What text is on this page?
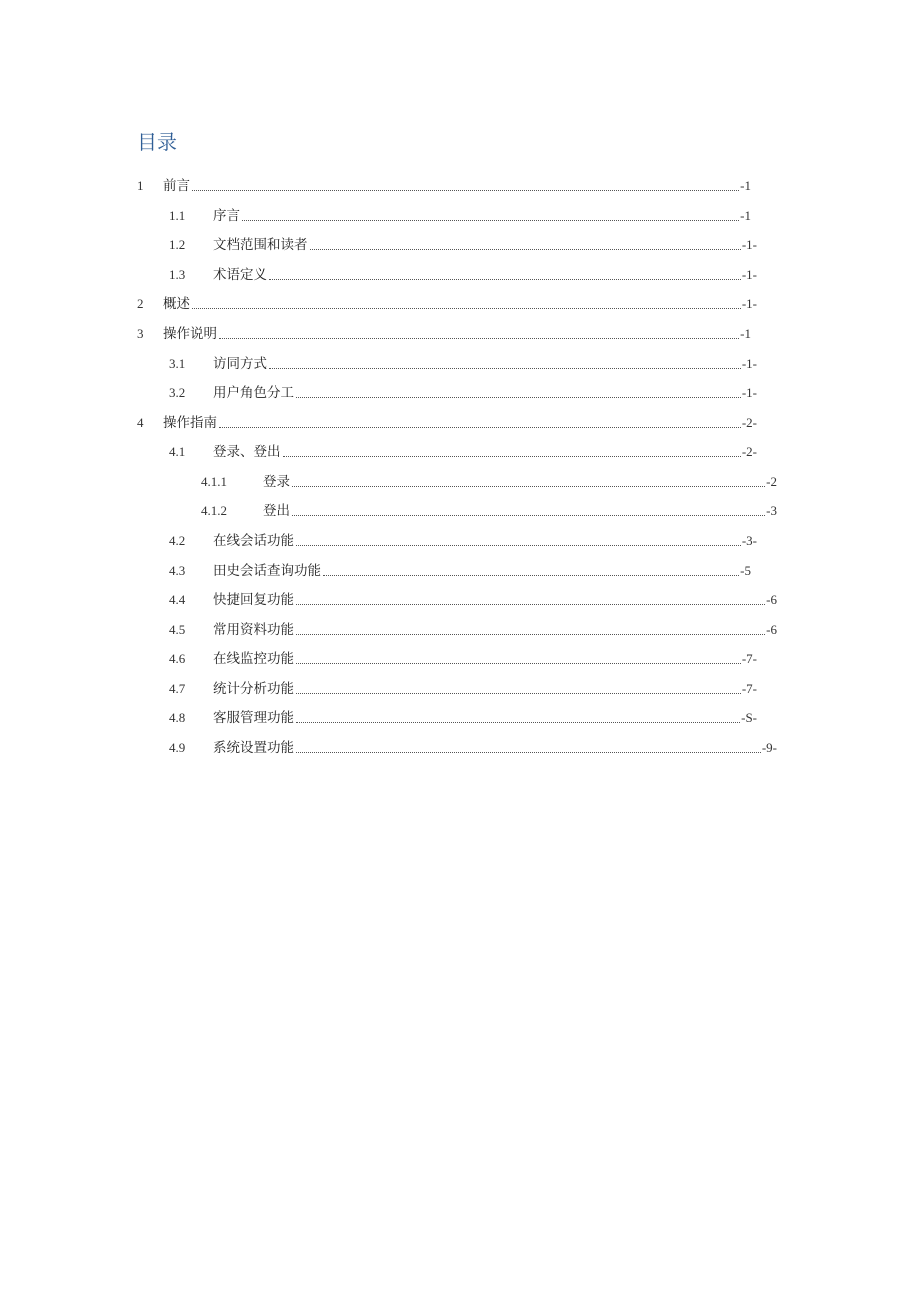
目录
1	前言	-1
1.1	序言	-1
1.2	文档范围和读者	-1-
1.3	术语定义	-1-
2	概述	-1-
3	操作说明	-1
3.1	访同方式	-1-
3.2	用户角色分工	-1-
4	操作指南	-2-
4.1	登录、登出	-2-
4.1.1	登录	-2
4.1.2	登出	-3
4.2	在线会话功能	-3-
4.3	田史会话查询功能	-5
4.4	快捷回复功能	-6
4.5	常用资料功能	-6
4.6	在线监控功能	-7-
4.7	统计分析功能	-7-
4.8	客服管理功能	-S-
4.9	系统设置功能	-9-
